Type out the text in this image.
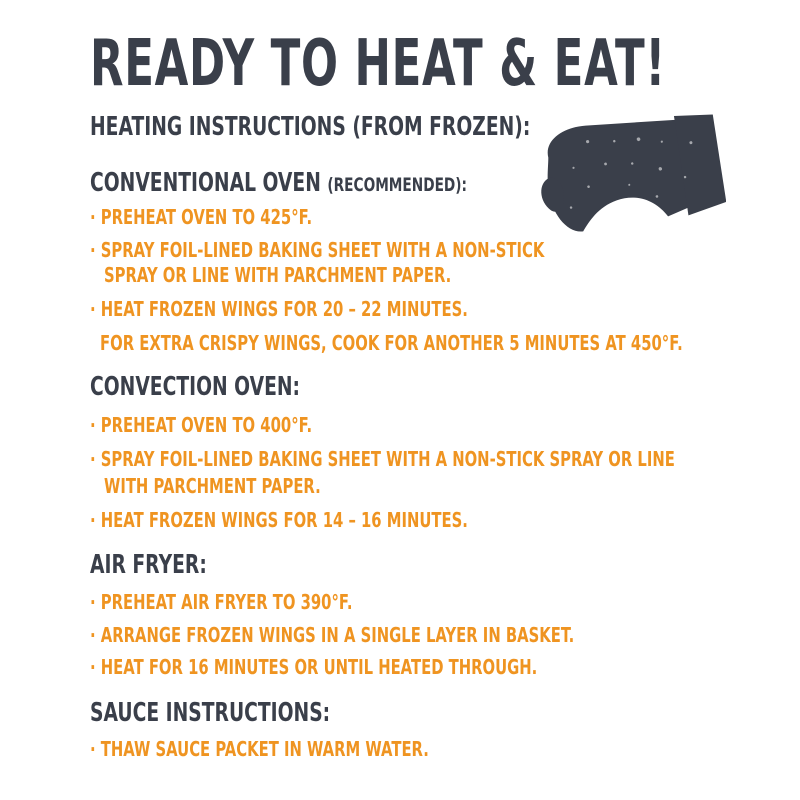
READY TO HEAT & EAT!
HEATING INSTRUCTIONS (FROM FROZEN):
CONVENTIONAL OVEN (RECOMMENDED):
· PREHEAT OVEN TO 425°F.
· SPRAY FOIL-LINED BAKING SHEET WITH A NON-STICK
SPRAY OR LINE WITH PARCHMENT PAPER.
· HEAT FROZEN WINGS FOR 20 – 22 MINUTES.
FOR EXTRA CRISPY WINGS, COOK FOR ANOTHER 5 MINUTES AT 450°F.
CONVECTION OVEN:
· PREHEAT OVEN TO 400°F.
· SPRAY FOIL-LINED BAKING SHEET WITH A NON-STICK SPRAY OR LINE
WITH PARCHMENT PAPER.
· HEAT FROZEN WINGS FOR 14 – 16 MINUTES.
AIR FRYER:
· PREHEAT AIR FRYER TO 390°F.
· ARRANGE FROZEN WINGS IN A SINGLE LAYER IN BASKET.
· HEAT FOR 16 MINUTES OR UNTIL HEATED THROUGH.
SAUCE INSTRUCTIONS:
· THAW SAUCE PACKET IN WARM WATER.
